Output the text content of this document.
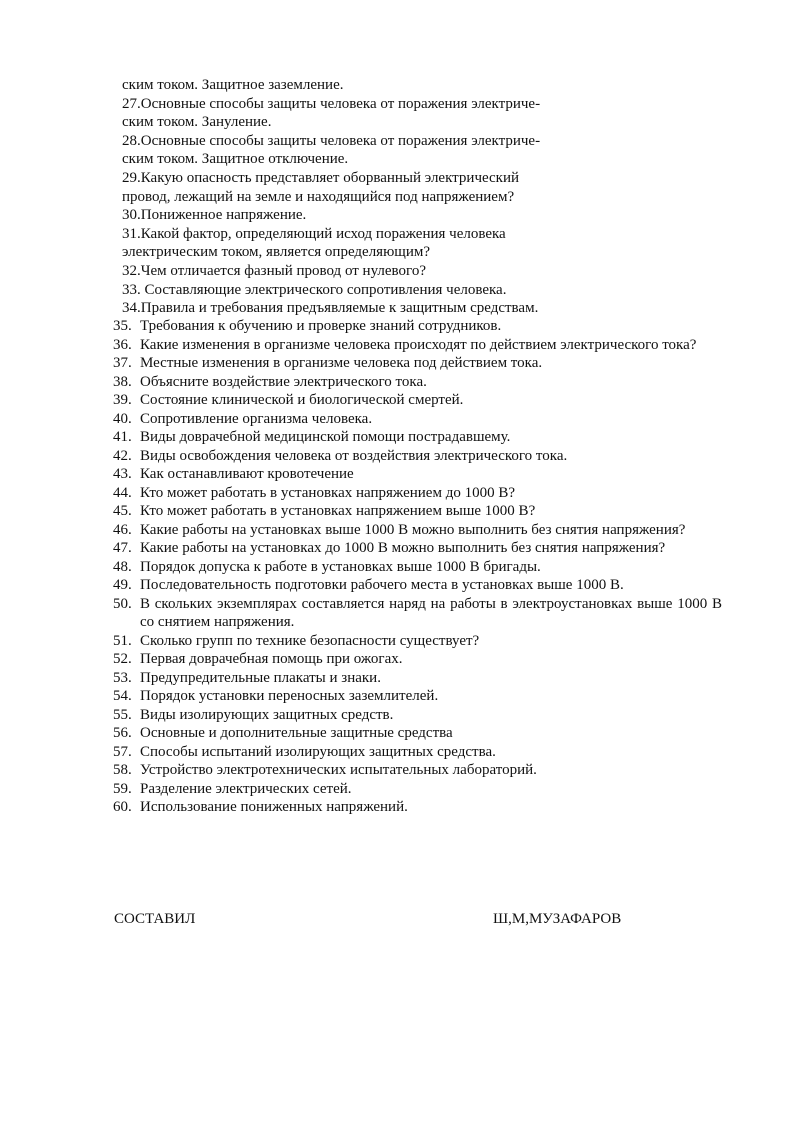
ским током. Защитное заземление.
27.Основные способы защиты человека от поражения электриче-
ским током. Зануление.
28.Основные способы защиты человека от поражения электриче-
ским током. Защитное отключение.
29.Какую опасность представляет оборванный электрический
провод, лежащий на земле и находящийся под напряжением?
30.Пониженное напряжение.
31.Какой фактор, определяющий исход поражения человека
электрическим током, является определяющим?
32.Чем отличается фазный провод от нулевого?
33. Составляющие электрического сопротивления человека.
34.Правила и требования предъявляемые к защитным средствам.
35. Требования к обучению и проверке знаний сотрудников.
36. Какие изменения в организме человека происходят по действием электрического тока?
37. Местные изменения в организме человека под действием тока.
38. Объясните воздействие электрического тока.
39. Состояние клинической и биологической смертей.
40. Сопротивление организма человека.
41. Виды доврачебной медицинской помощи пострадавшему.
42. Виды освобождения человека от воздействия электрического тока.
43. Как останавливают кровотечение
44. Кто может работать в установках напряжением до 1000 В?
45. Кто может работать в установках напряжением выше 1000 В?
46. Какие работы на установках выше 1000 В можно выполнить без снятия напряжения?
47. Какие работы на установках до 1000 В можно выполнить без снятия напряжения?
48. Порядок допуска к работе в установках выше 1000 В бригады.
49. Последовательность подготовки рабочего места в установках выше 1000 В.
50. В скольких экземплярах составляется наряд на работы в электроустановках выше 1000 В со снятием напряжения.
51. Сколько групп по технике безопасности существует?
52. Первая доврачебная помощь при ожогах.
53. Предупредительные плакаты и знаки.
54. Порядок установки переносных заземлителей.
55. Виды изолирующих защитных средств.
56. Основные и дополнительные защитные средства
57. Способы испытаний изолирующих защитных средства.
58. Устройство электротехнических испытательных лабораторий.
59. Разделение электрических сетей.
60. Использование пониженных напряжений.
СОСТАВИЛ	Ш,М,МУЗАФАРОВ
